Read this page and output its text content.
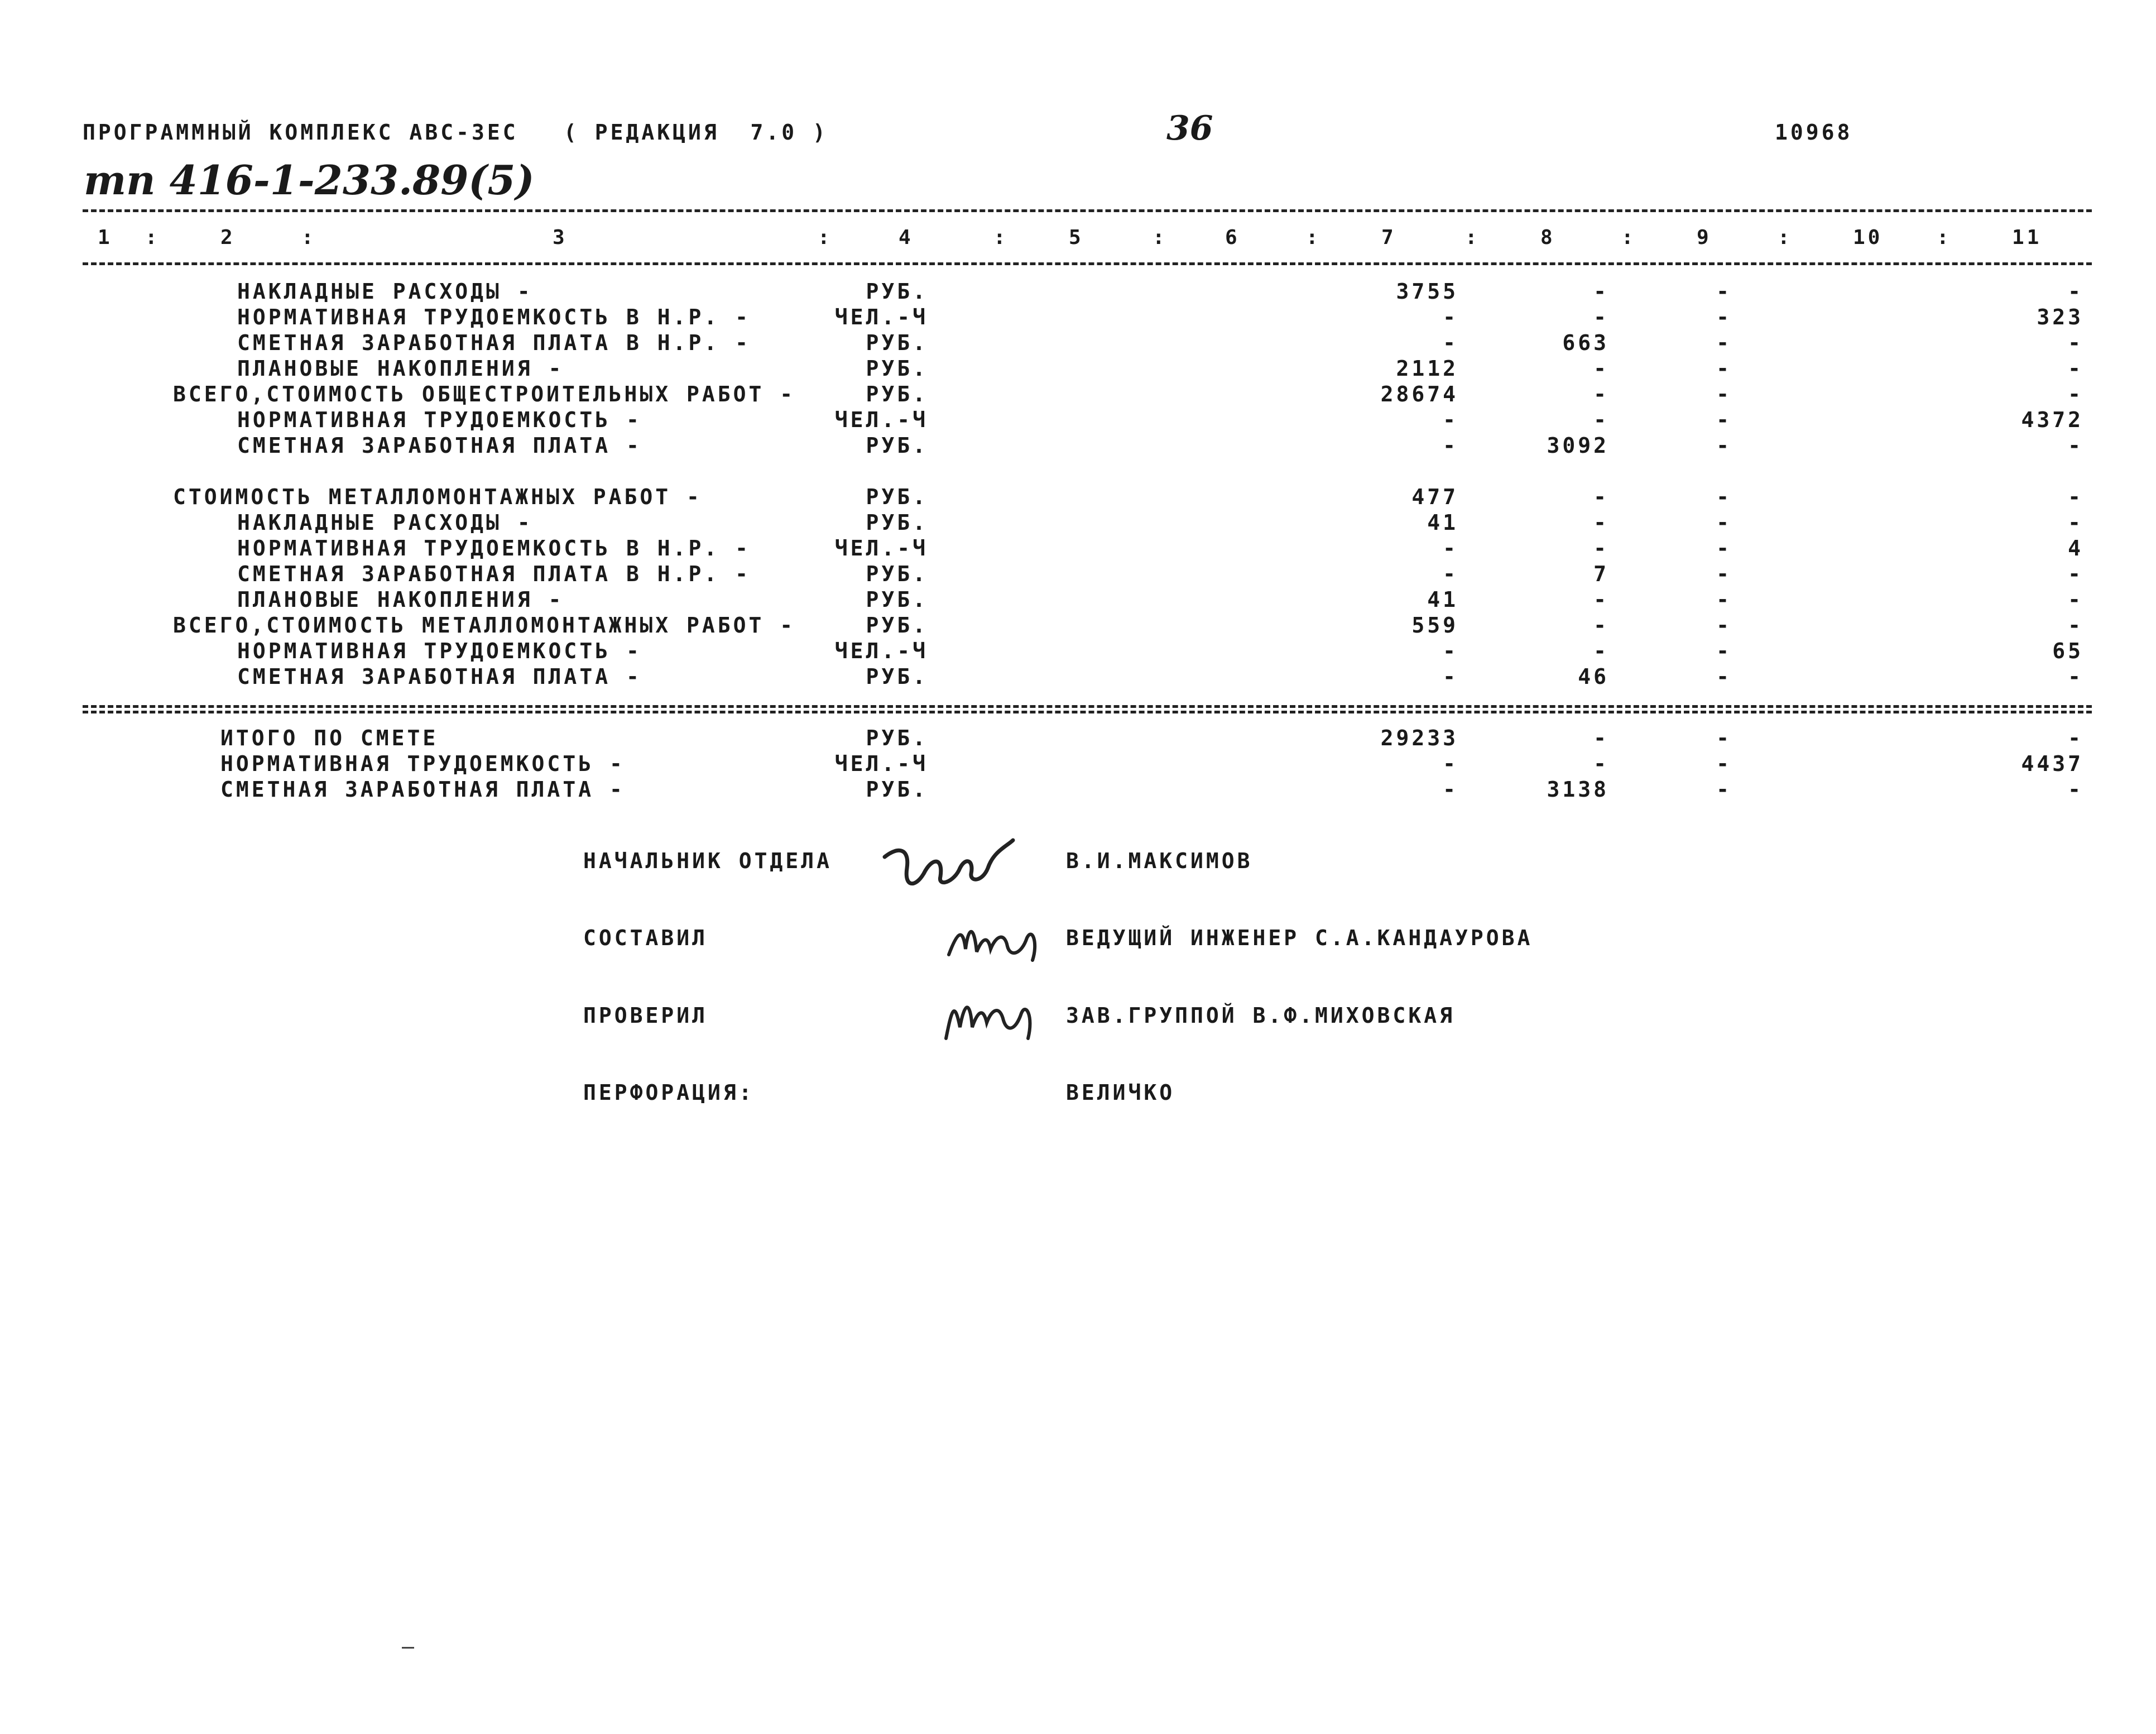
ПРОГРАММНЫЙ КОМПЛЕКС АВС-3ЕС ( РЕДАКЦИЯ  7.0 )	36	10968
тп 416-1-233.89(5)
1 :	2	:	3	:	4	:	5	:	6	:	7	:	8	:	9	:	10	:	11
НАКЛАДНЫЕ РАСХОДЫ -	РУБ.	3755	-	-	-
НОРМАТИВНАЯ ТРУДОЕМКОСТЬ В Н.Р. -	ЧЕЛ.-Ч	-	-	-	323
СМЕТНАЯ ЗАРАБОТНАЯ ПЛАТА В Н.Р. -	РУБ.	-	663	-	-
ПЛАНОВЫЕ НАКОПЛЕНИЯ -	РУБ.	2112	-	-	-
ВСЕГО,СТОИМОСТЬ ОБЩЕСТРОИТЕЛЬНЫХ РАБОТ -	РУБ.	28674	-	-	-
НОРМАТИВНАЯ ТРУДОЕМКОСТЬ -	ЧЕЛ.-Ч	-	-	-	4372
СМЕТНАЯ ЗАРАБОТНАЯ ПЛАТА -	РУБ.	-	3092	-	-
СТОИМОСТЬ МЕТАЛЛОМОНТАЖНЫХ РАБОТ -	РУБ.	477	-	-	-
НАКЛАДНЫЕ РАСХОДЫ -	РУБ.	41	-	-	-
НОРМАТИВНАЯ ТРУДОЕМКОСТЬ В Н.Р. -	ЧЕЛ.-Ч	-	-	-	4
СМЕТНАЯ ЗАРАБОТНАЯ ПЛАТА В Н.Р. -	РУБ.	-	7	-	-
ПЛАНОВЫЕ НАКОПЛЕНИЯ -	РУБ.	41	-	-	-
ВСЕГО,СТОИМОСТЬ МЕТАЛЛОМОНТАЖНЫХ РАБОТ -	РУБ.	559	-	-	-
НОРМАТИВНАЯ ТРУДОЕМКОСТЬ -	ЧЕЛ.-Ч	-	-	-	65
СМЕТНАЯ ЗАРАБОТНАЯ ПЛАТА -	РУБ.	-	46	-	-
ИТОГО ПО СМЕТЕ	РУБ.	29233	-	-	-
НОРМАТИВНАЯ ТРУДОЕМКОСТЬ -	ЧЕЛ.-Ч	-	-	-	4437
СМЕТНАЯ ЗАРАБОТНАЯ ПЛАТА -	РУБ.	-	3138	-	-
НАЧАЛЬНИК ОТДЕЛА	В.И.МАКСИМОВ
СОСТАВИЛ	ВЕДУЩИЙ ИНЖЕНЕР С.А.КАНДАУРОВА
ПРОВЕРИЛ	ЗАВ.ГРУППОЙ В.Ф.МИХОВСКАЯ
ПЕРФОРАЦИЯ:	ВЕЛИЧКО
